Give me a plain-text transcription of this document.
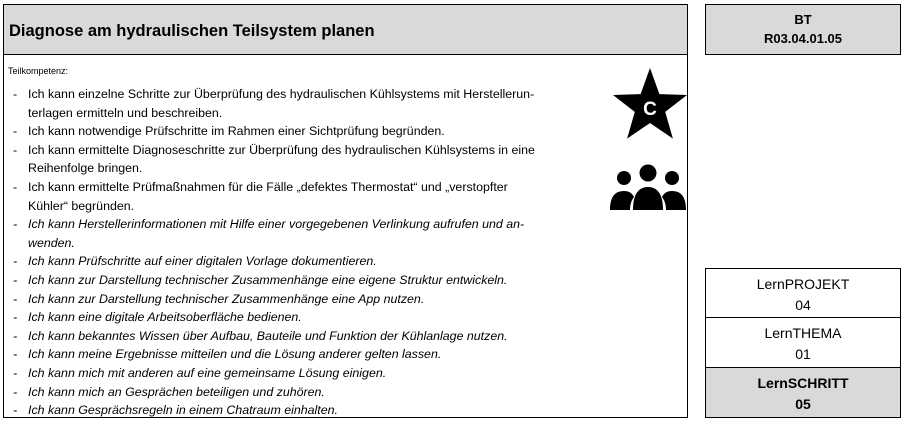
Diagnose am hydraulischen Teilsystem planen
Teilkompetenz:
- Ich kann einzelne Schritte zur Überprüfung des hydraulischen Kühlsystems mit Herstellerun-
terlagen ermitteln und beschreiben.
- Ich kann notwendige Prüfschritte im Rahmen einer Sichtprüfung begründen.
- Ich kann ermittelte Diagnoseschritte zur Überprüfung des hydraulischen Kühlsystems in eine
Reihenfolge bringen.
- Ich kann ermittelte Prüfmaßnahmen für die Fälle „defektes Thermostat“ und „verstopfter
Kühler“ begründen.
- Ich kann Herstellerinformationen mit Hilfe einer vorgegebenen Verlinkung aufrufen und an-
wenden.
- Ich kann Prüfschritte auf einer digitalen Vorlage dokumentieren.
- Ich kann zur Darstellung technischer Zusammenhänge eine eigene Struktur entwickeln.
- Ich kann zur Darstellung technischer Zusammenhänge eine App nutzen.
- Ich kann eine digitale Arbeitsoberfläche bedienen.
- Ich kann bekanntes Wissen über Aufbau, Bauteile und Funktion der Kühlanlage nutzen.
- Ich kann meine Ergebnisse mitteilen und die Lösung anderer gelten lassen.
- Ich kann mich mit anderen auf eine gemeinsame Lösung einigen.
- Ich kann mich an Gesprächen beteiligen und zuhören.
- Ich kann Gesprächsregeln in einem Chatraum einhalten.
C
BT
R03.04.01.05
LernPROJEKT
04
LernTHEMA
01
LernSCHRITT
05
